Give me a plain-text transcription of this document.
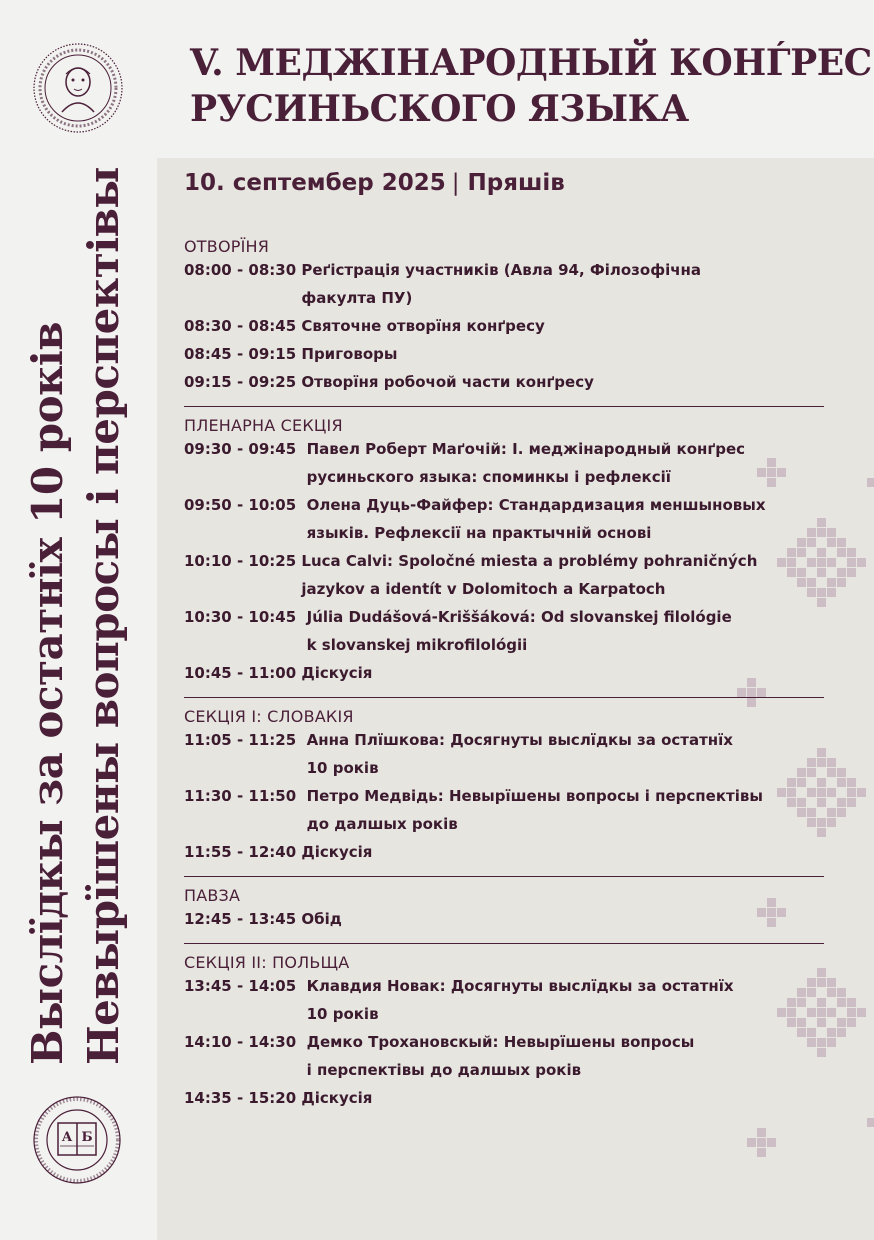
А Б
V. МЕДЖІНАРОДНЫЙ КОНЃРЕС
РУСИНЬСКОГО ЯЗЫКА
Выслїдкы за остатнїх 10 років Невырїшены вопросы і перспектівы 10. септембер 2025 | Пряшів
ОТВОРЇНЯ
08:00 - 08:30 Реґістрація участників (Авла 94, Філозофічна
факулта ПУ)
08:30 - 08:45 Святочне отворїня конґресу
08:45 - 09:15 Приговоры
09:15 - 09:25 Отворїня робочой части конґресу
ПЛЕНАРНА СЕКЦІЯ
09:30 - 09:45 Павел Роберт Маґочій: І. меджінародный конґрес
русиньского языка: споминкы і рефлексії
09:50 - 10:05 Олена Дуць-Файфер: Стандардизация меншыновых
языків. Рефлексії на практычній основі
10:10 - 10:25 Luca Calvi: Spoločné miesta a problémy pohraničných
jazykov a identít v Dolomitoch a Karpatoch
10:30 - 10:45 Júlia Dudášová-Kriššáková: Od slovanskej filológie
k slovanskej mikrofilológii
10:45 - 11:00 Діскусія
СЕКЦІЯ І: СЛОВАКІЯ
11:05 - 11:25 Анна Плїшкова: Досягнуты выслїдкы за остатнїх
10 років
11:30 - 11:50 Петро Медвідь: Невырїшены вопросы і перспектівы
до далшых років
11:55 - 12:40 Діскусія
ПАВЗА
12:45 - 13:45 Обід
СЕКЦІЯ ІІ: ПОЛЬЩА
13:45 - 14:05 Клавдия Новак: Досягнуты выслїдкы за остатнїх
10 років
14:10 - 14:30 Демко Трохановскый: Невырїшены вопросы
і перспектівы до далшых років
14:35 - 15:20 Діскусія
